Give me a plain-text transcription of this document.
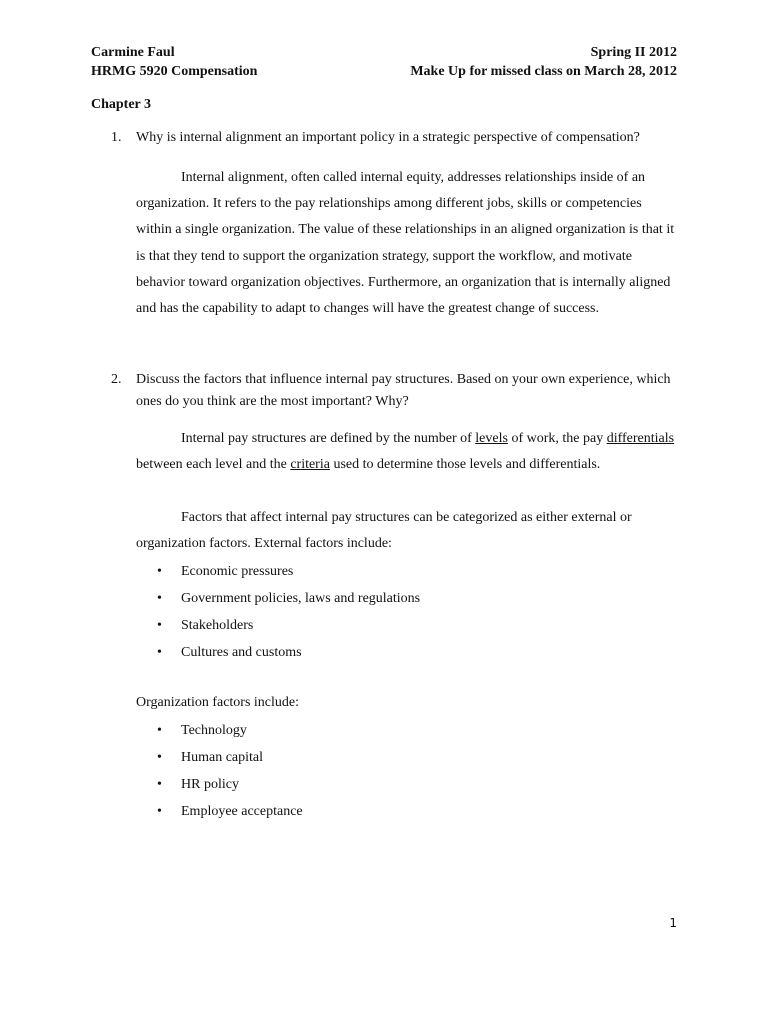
Carmine Faul
HRMG 5920 Compensation
Spring II 2012
Make Up for missed class on March 28, 2012
Chapter 3
1. Why is internal alignment an important policy in a strategic perspective of compensation?

Internal alignment, often called internal equity, addresses relationships inside of an organization. It refers to the pay relationships among different jobs, skills or competencies within a single organization. The value of these relationships in an aligned organization is that it is that they tend to support the organization strategy, support the workflow, and motivate behavior toward organization objectives. Furthermore, an organization that is internally aligned and has the capability to adapt to changes will have the greatest change of success.

2. Discuss the factors that influence internal pay structures. Based on your own experience, which ones do you think are the most important? Why?

Internal pay structures are defined by the number of levels of work, the pay differentials between each level and the criteria used to determine those levels and differentials.

Factors that affect internal pay structures can be categorized as either external or organization factors. External factors include:

• Economic pressures
• Government policies, laws and regulations
• Stakeholders
• Cultures and customs
Organization factors include:
• Technology
• Human capital
• HR policy
• Employee acceptance
1
